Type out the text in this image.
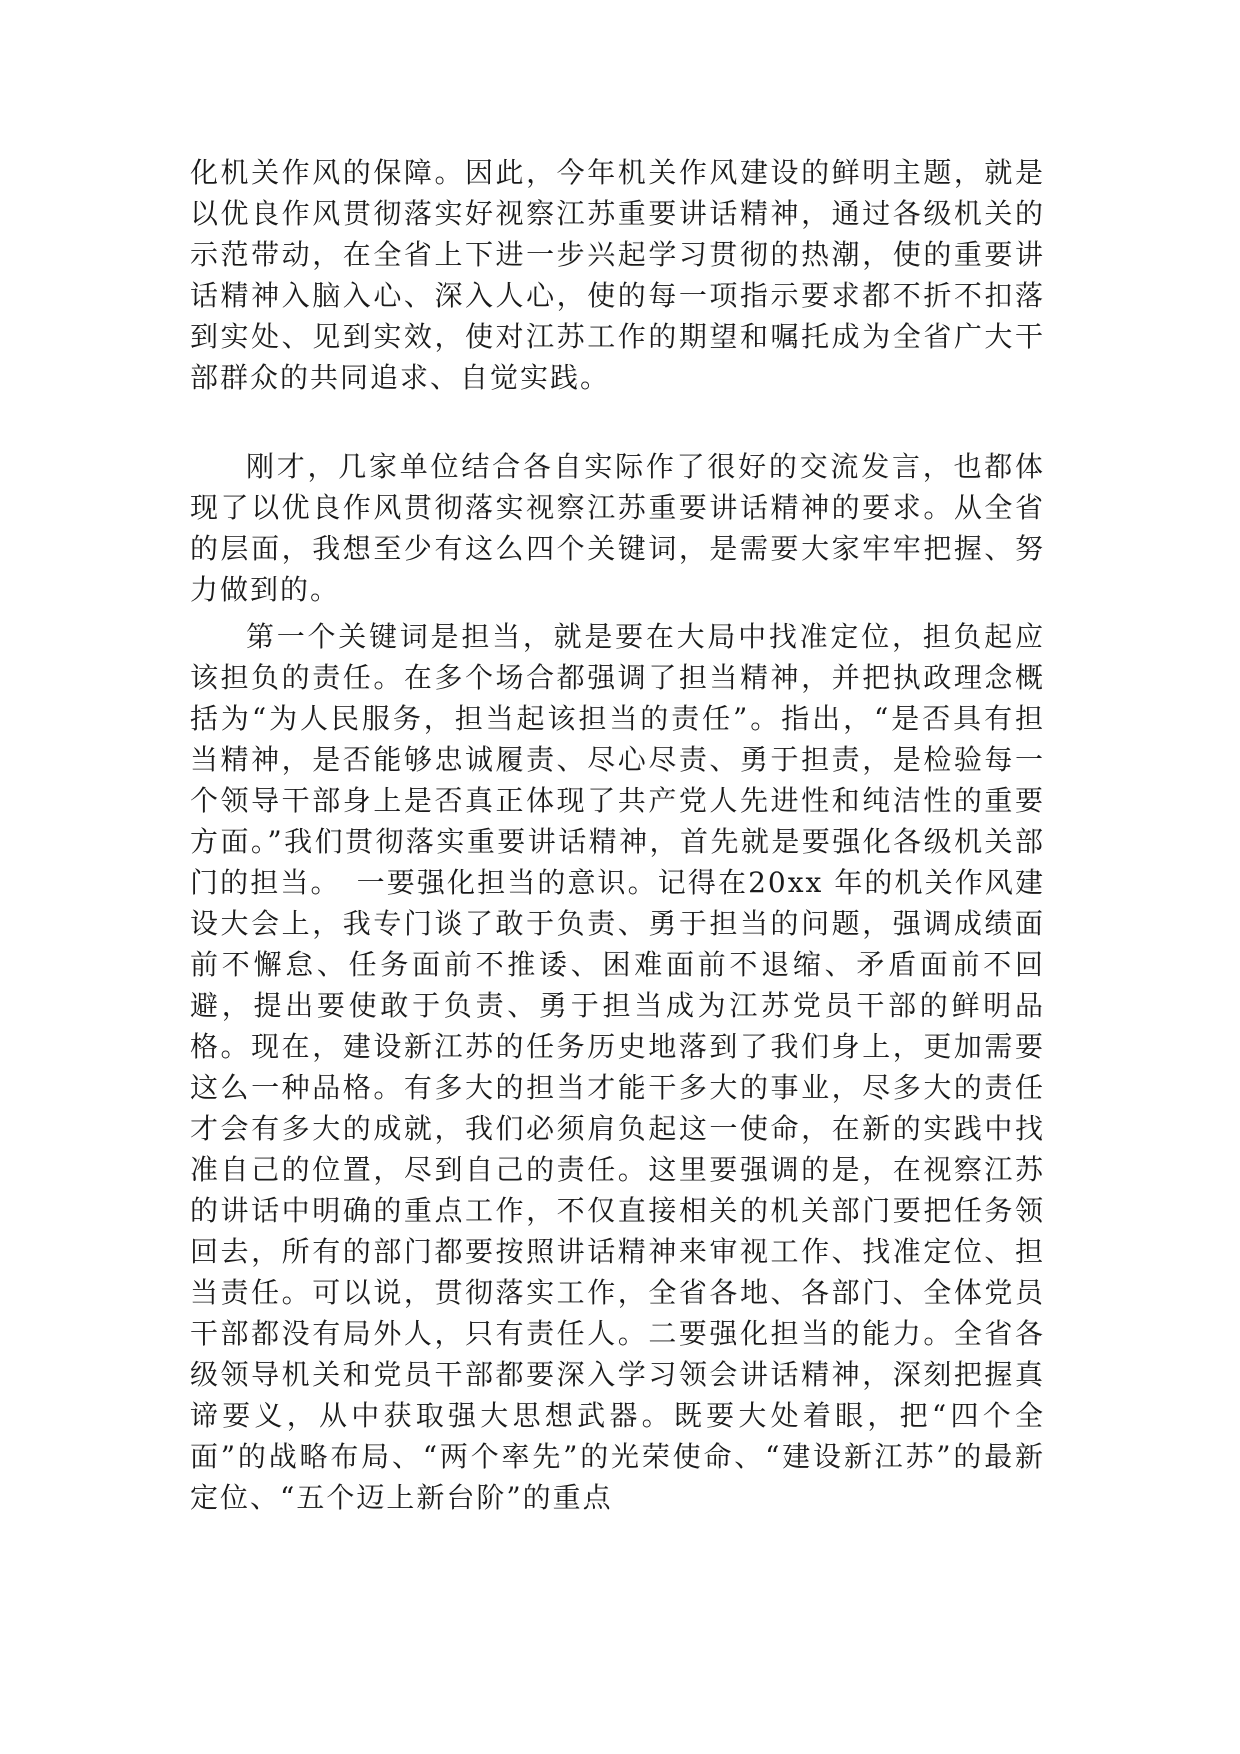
化机关作风的保障。因此，今年机关作风建设的鲜明主题，就是以优良作风贯彻落实好视察江苏重要讲话精神，通过各级机关的示范带动，在全省上下进一步兴起学习贯彻的热潮，使的重要讲话精神入脑入心、深入人心，使的每一项指示要求都不折不扣落到实处、见到实效，使对江苏工作的期望和嘱托成为全省广大干部群众的共同追求、自觉实践。

刚才，几家单位结合各自实际作了很好的交流发言，也都体现了以优良作风贯彻落实视察江苏重要讲话精神的要求。从全省的层面，我想至少有这么四个关键词，是需要大家牢牢把握、努力做到的。

第一个关键词是担当，就是要在大局中找准定位，担负起应该担负的责任。在多个场合都强调了担当精神，并把执政理念概括为“为人民服务，担当起该担当的责任”。指出，“是否具有担当精神，是否能够忠诚履责、尽心尽责、勇于担责，是检验每一个领导干部身上是否真正体现了共产党人先进性和纯洁性的重要方面。”我们贯彻落实重要讲话精神，首先就是要强化各级机关部门的担当。　一要强化担当的意识。记得在20xx 年的机关作风建设大会上，我专门谈了敢于负责、勇于担当的问题，强调成绩面前不懈怠、任务面前不推诿、困难面前不退缩、矛盾面前不回避，提出要使敢于负责、勇于担当成为江苏党员干部的鲜明品格。现在，建设新江苏的任务历史地落到了我们身上，更加需要这么一种品格。有多大的担当才能干多大的事业，尽多大的责任才会有多大的成就，我们必须肩负起这一使命，在新的实践中找准自己的位置，尽到自己的责任。这里要强调的是，在视察江苏的讲话中明确的重点工作，不仅直接相关的机关部门要把任务领回去，所有的部门都要按照讲话精神来审视工作、找准定位、担当责任。可以说，贯彻落实工作，全省各地、各部门、全体党员干部都没有局外人，只有责任人。二要强化担当的能力。全省各级领导机关和党员干部都要深入学习领会讲话精神，深刻把握真谛要义，从中获取强大思想武器。既要大处着眼，把“四个全面”的战略布局、“两个率先”的光荣使命、“建设新江苏”的最新定位、“五个迈上新台阶”的重点
